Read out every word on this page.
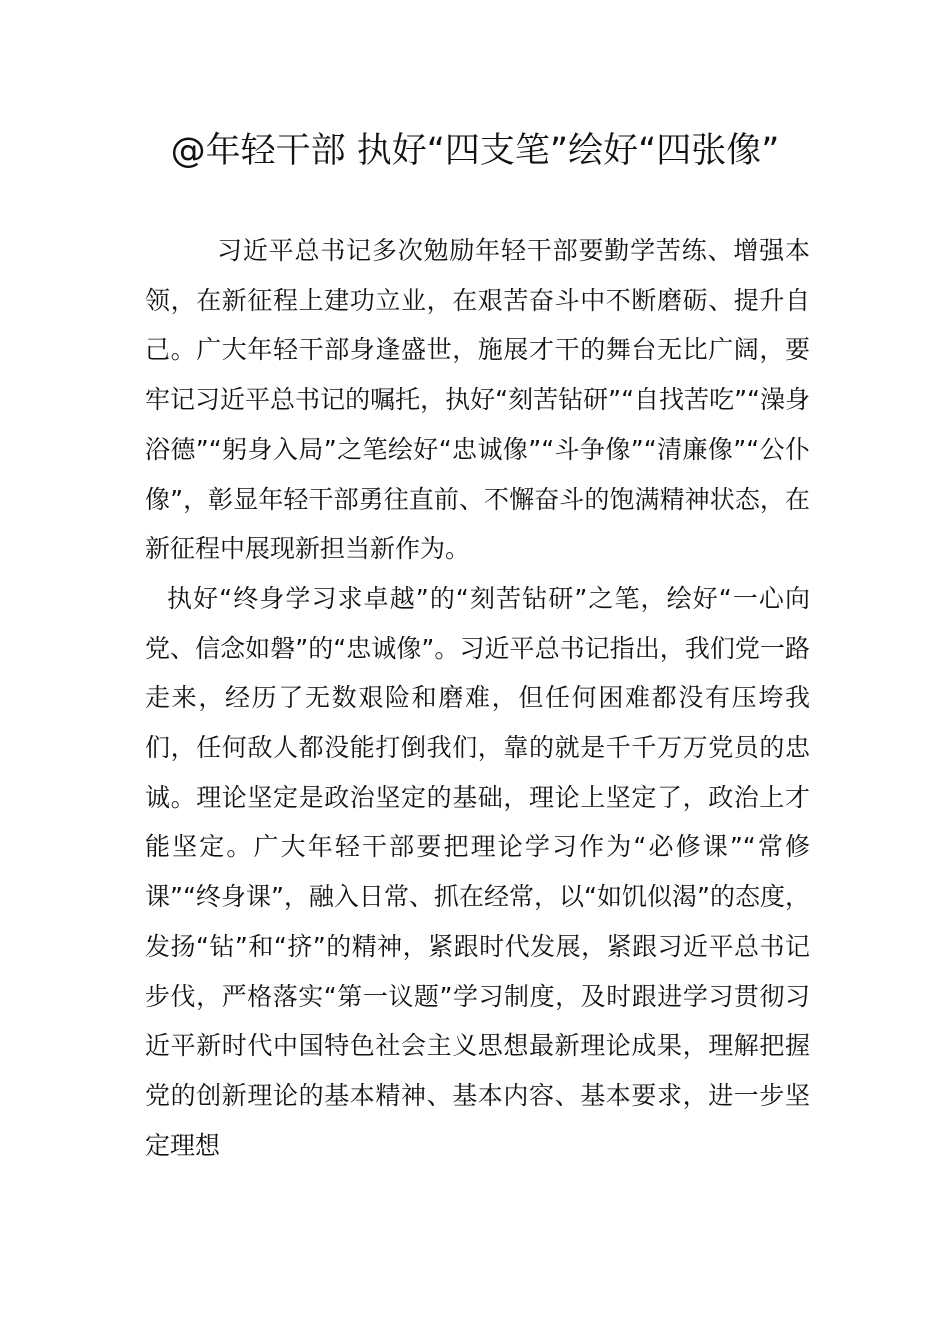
@年轻干部 执好“四支笔”绘好“四张像”

习近平总书记多次勉励年轻干部要勤学苦练、增强本领，在新征程上建功立业，在艰苦奋斗中不断磨砺、提升自己。广大年轻干部身逢盛世，施展才干的舞台无比广阔，要牢记习近平总书记的嘱托，执好“刻苦钻研”“自找苦吃”“澡身浴德”“躬身入局”之笔绘好“忠诚像”“斗争像”“清廉像”“公仆像”，彰显年轻干部勇往直前、不懈奋斗的饱满精神状态，在新征程中展现新担当新作为。

执好“终身学习求卓越”的“刻苦钻研”之笔，绘好“一心向党、信念如磐”的“忠诚像”。习近平总书记指出，我们党一路走来，经历了无数艰险和磨难，但任何困难都没有压垮我们，任何敌人都没能打倒我们，靠的就是千千万万党员的忠诚。理论坚定是政治坚定的基础，理论上坚定了，政治上才能坚定。广大年轻干部要把理论学习作为“必修课”“常修课”“终身课”，融入日常、抓在经常，以“如饥似渴”的态度，发扬“钻”和“挤”的精神，紧跟时代发展，紧跟习近平总书记步伐，严格落实“第一议题”学习制度，及时跟进学习贯彻习近平新时代中国特色社会主义思想最新理论成果，理解把握党的创新理论的基本精神、基本内容、基本要求，进一步坚定理想
